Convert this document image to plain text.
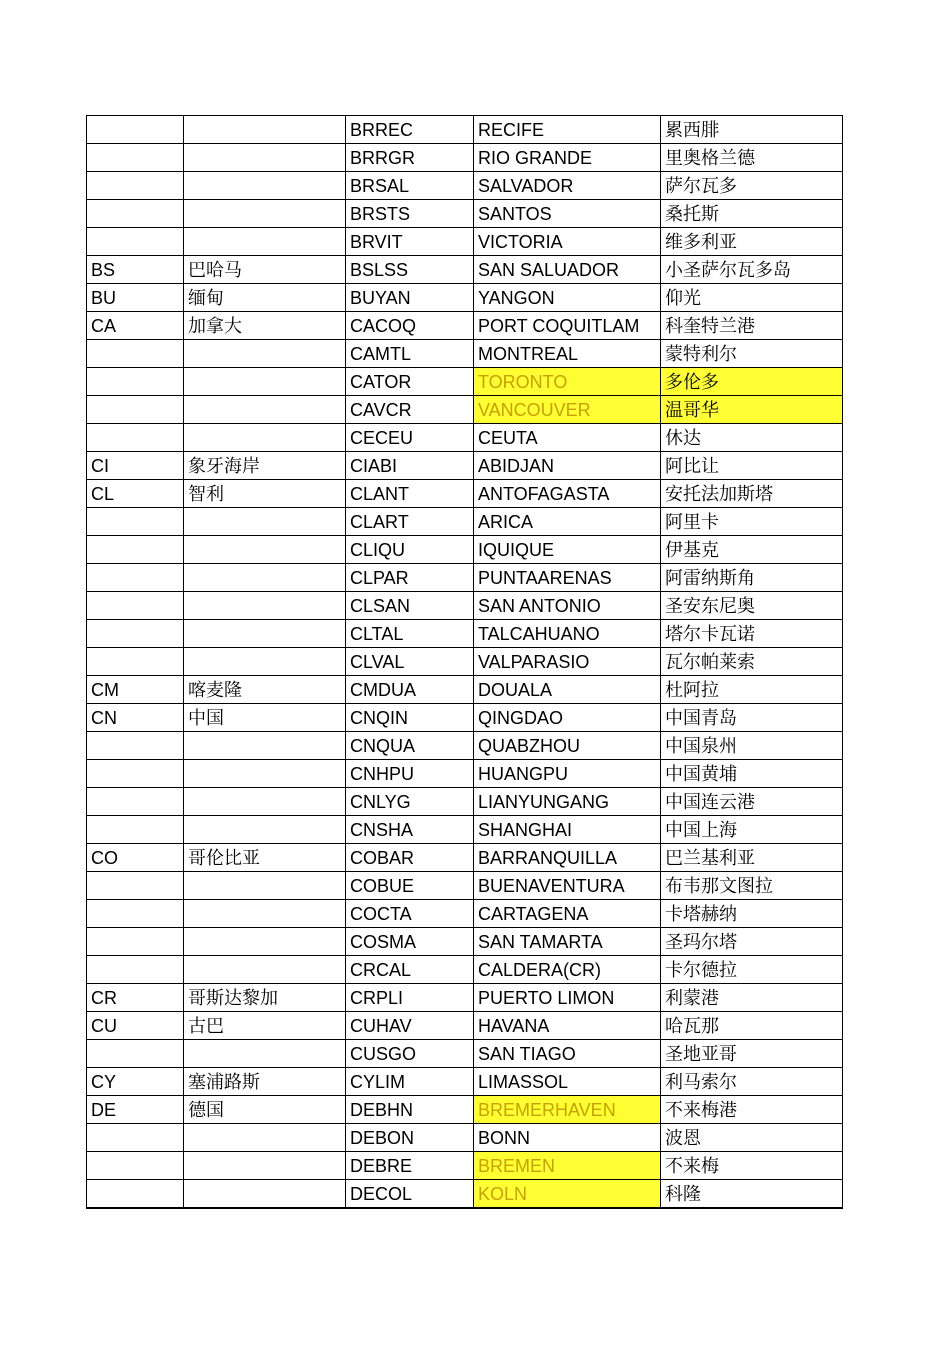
		BRREC	RECIFE	累西腓
		BRRGR	RIO GRANDE	里奥格兰德
		BRSAL	SALVADOR	萨尔瓦多
		BRSTS	SANTOS	桑托斯
		BRVIT	VICTORIA	维多利亚
BS	巴哈马	BSLSS	SAN SALUADOR	小圣萨尔瓦多岛
BU	缅甸	BUYAN	YANGON	仰光
CA	加拿大	CACOQ	PORT COQUITLAM	科奎特兰港
		CAMTL	MONTREAL	蒙特利尔
		CATOR	TORONTO	多伦多
		CAVCR	VANCOUVER	温哥华
		CECEU	CEUTA	休达
CI	象牙海岸	CIABI	ABIDJAN	阿比让
CL	智利	CLANT	ANTOFAGASTA	安托法加斯塔
		CLART	ARICA	阿里卡
		CLIQU	IQUIQUE	伊基克
		CLPAR	PUNTAARENAS	阿雷纳斯角
		CLSAN	SAN ANTONIO	圣安东尼奥
		CLTAL	TALCAHUANO	塔尔卡瓦诺
		CLVAL	VALPARASIO	瓦尔帕莱索
CM	喀麦隆	CMDUA	DOUALA	杜阿拉
CN	中国	CNQIN	QINGDAO	中国青岛
		CNQUA	QUABZHOU	中国泉州
		CNHPU	HUANGPU	中国黄埔
		CNLYG	LIANYUNGANG	中国连云港
		CNSHA	SHANGHAI	中国上海
CO	哥伦比亚	COBAR	BARRANQUILLA	巴兰基利亚
		COBUE	BUENAVENTURA	布韦那文图拉
		COCTA	CARTAGENA	卡塔赫纳
		COSMA	SAN TAMARTA	圣玛尔塔
		CRCAL	CALDERA(CR)	卡尔德拉
CR	哥斯达黎加	CRPLI	PUERTO LIMON	利蒙港
CU	古巴	CUHAV	HAVANA	哈瓦那
		CUSGO	SAN TIAGO	圣地亚哥
CY	塞浦路斯	CYLIM	LIMASSOL	利马索尔
DE	德国	DEBHN	BREMERHAVEN	不来梅港
		DEBON	BONN	波恩
		DEBRE	BREMEN	不来梅
		DECOL	KOLN	科隆
